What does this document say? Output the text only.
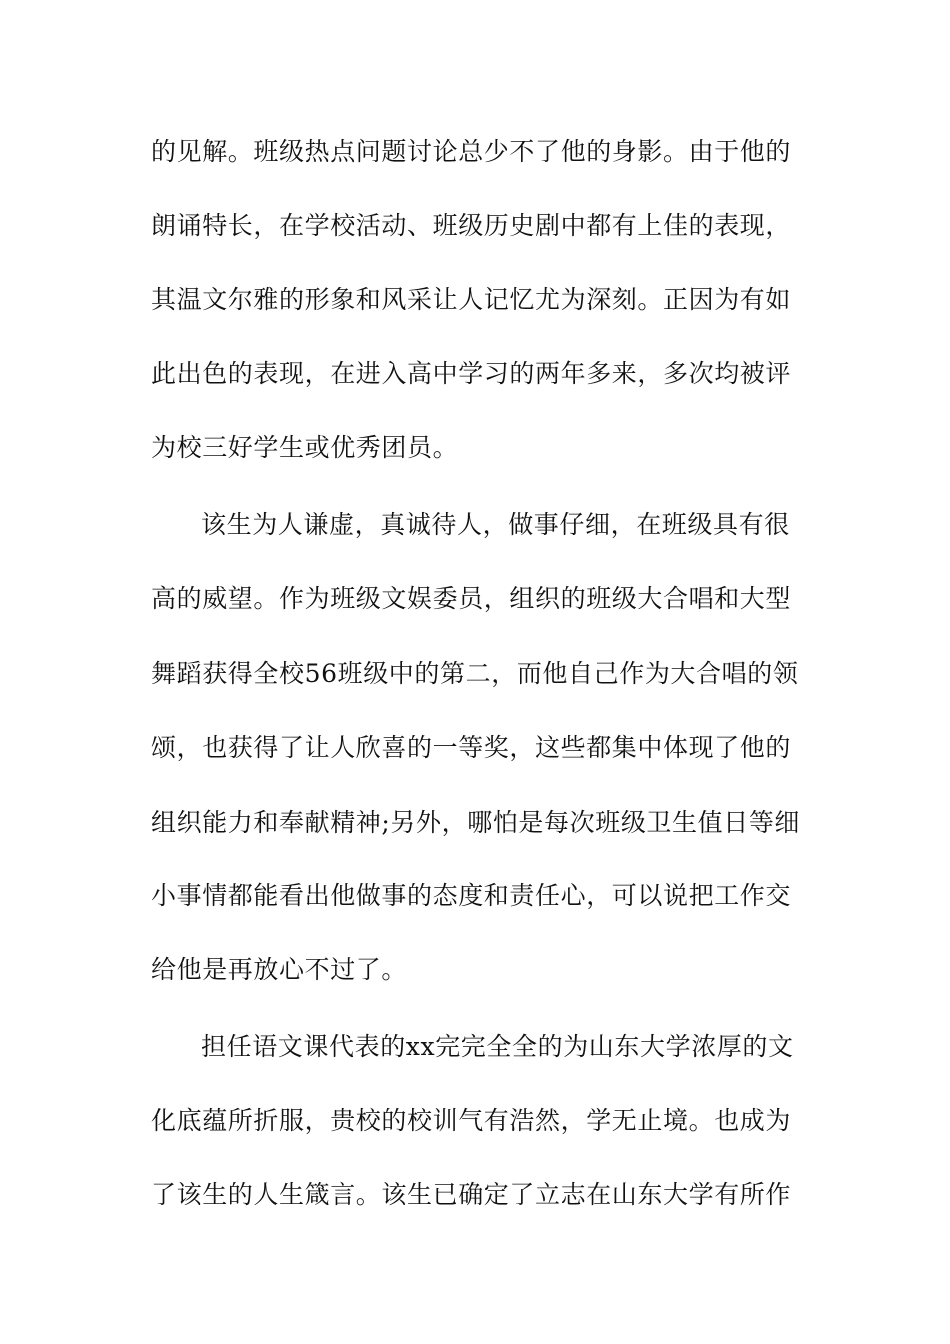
的见解。班级热点问题讨论总少不了他的身影。由于他的
朗诵特长，在学校活动、班级历史剧中都有上佳的表现，
其温文尔雅的形象和风采让人记忆尤为深刻。正因为有如
此出色的表现，在进入高中学习的两年多来，多次均被评
为校三好学生或优秀团员。
该生为人谦虚，真诚待人，做事仔细，在班级具有很
高的威望。作为班级文娱委员，组织的班级大合唱和大型
舞蹈获得全校56班级中的第二，而他自己作为大合唱的领
颂，也获得了让人欣喜的一等奖，这些都集中体现了他的
组织能力和奉献精神;另外，哪怕是每次班级卫生值日等细
小事情都能看出他做事的态度和责任心，可以说把工作交
给他是再放心不过了。
担任语文课代表的xx完完全全的为山东大学浓厚的文
化底蕴所折服，贵校的校训气有浩然，学无止境。也成为
了该生的人生箴言。该生已确定了立志在山东大学有所作
